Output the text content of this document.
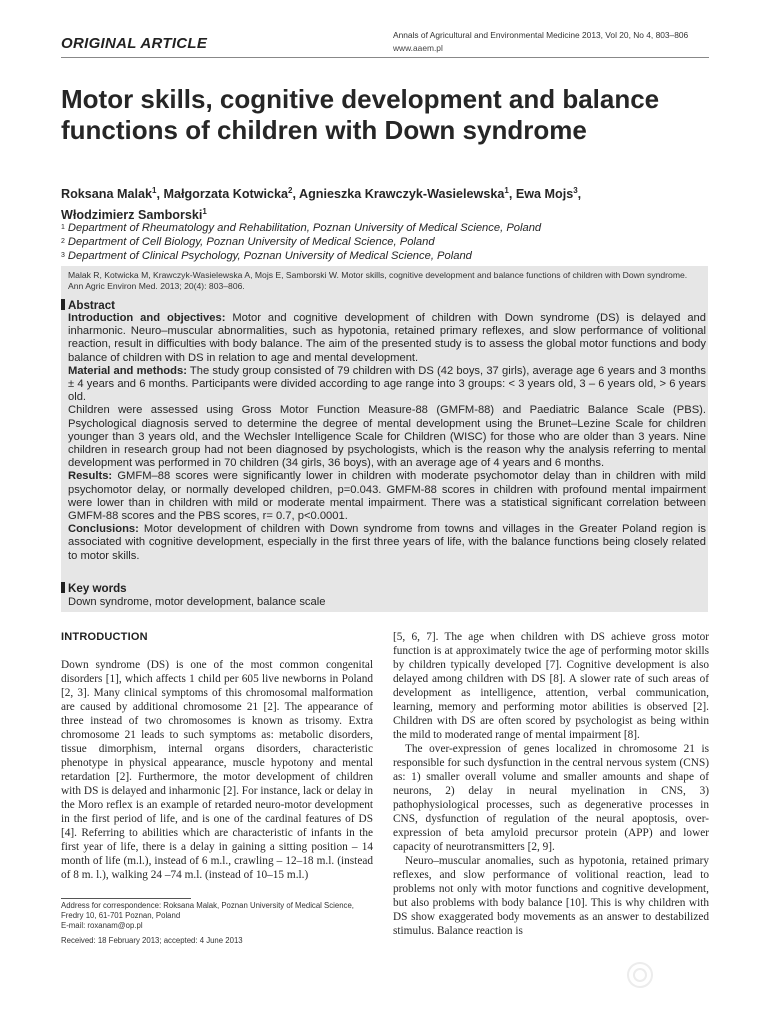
ORIGINAL ARTICLE	Annals of Agricultural and Environmental Medicine 2013, Vol 20, No 4, 803–806
www.aaem.pl
Motor skills, cognitive development and balance functions of children with Down syndrome
Roksana Malak$^1$, Małgorzata Kotwicka$^2$, Agnieszka Krawczyk-Wasielewska$^1$, Ewa Mojs$^3$,
Włodzimierz Samborski$^1$
$^1$ Department of Rheumatology and Rehabilitation, Poznan University of Medical Science, Poland
$^2$ Department of Cell Biology, Poznan University of Medical Science, Poland
$^3$ Department of Clinical Psychology, Poznan University of Medical Science, Poland
Malak R, Kotwicka M, Krawczyk-Wasielewska A, Mojs E, Samborski W. Motor skills, cognitive development and balance functions of children with Down syndrome. Ann Agric Environ Med. 2013; 20(4): 803–806.
Abstract

Introduction and objectives: Motor and cognitive development of children with Down syndrome (DS) is delayed and inharmonic. Neuro–muscular abnormalities, such as hypotonia, retained primary reflexes, and slow performance of volitional reaction, result in difficulties with body balance. The aim of the presented study is to assess the global motor functions and body balance of children with DS in relation to age and mental development.

Material and methods: The study group consisted of 79 children with DS (42 boys, 37 girls), average age 6 years and 3 months ± 4 years and 6 months. Participants were divided according to age range into 3 groups: < 3 years old, 3 – 6 years old, > 6 years old.

Children were assessed using Gross Motor Function Measure-88 (GMFM-88) and Paediatric Balance Scale (PBS). Psychological diagnosis served to determine the degree of mental development using the Brunet–Lezine Scale for children younger than 3 years old, and the Wechsler Intelligence Scale for Children (WISC) for those who are older than 3 years. Nine children in research group had not been diagnosed by psychologists, which is the reason why the analysis referring to mental development was performed in 70 children (34 girls, 36 boys), with an average age of 4 years and 6 months.

Results: GMFM–88 scores were significantly lower in children with moderate psychomotor delay than in children with mild psychomotor delay, or normally developed children, p=0.043. GMFM-88 scores in children with profound mental impairment were lower than in children with mild or moderate mental impairment. There was a statistical significant correlation between GMFM-88 scores and the PBS scores, r= 0.7, p<0.0001.

Conclusions: Motor development of children with Down syndrome from towns and villages in the Greater Poland region is associated with cognitive development, especially in the first three years of life, with the balance functions being closely related to motor skills.

Key words
Down syndrome, motor development, balance scale
INTRODUCTION

Down syndrome (DS) is one of the most common congenital disorders [1], which affects 1 child per 605 live newborns in Poland [2, 3]. Many clinical symptoms of this chromosomal malformation are caused by additional chromosome 21 [2]. The appearance of three instead of two chromosomes is known as trisomy. Extra chromosome 21 leads to such symptoms as: metabolic disorders, tissue dimorphism, internal organs disorders, characteristic phenotype in physical appearance, muscle hypotony and mental retardation [2]. Furthermore, the motor development of children with DS is delayed and inharmonic [2]. For instance, lack or delay in the Moro reflex is an example of retarded neuro-motor development in the first period of life, and is one of the cardinal features of DS [4]. Referring to abilities which are characteristic of infants in the first year of life, there is a delay in gaining a sitting position – 14 month of life (m.l.), instead of 6 m.l., crawling – 12–18 m.l. (instead of 8 m. l.), walking 24 –74 m.l. (instead of 10–15 m.l.)

[5, 6, 7]. The age when children with DS achieve gross motor function is at approximately twice the age of performing motor skills by children typically developed [7]. Cognitive development is also delayed among children with DS [8]. A slower rate of such areas of development as intelligence, attention, verbal communication, learning, memory and performing motor abilities is observed [2]. Children with DS are often scored by psychologist as being within the mild to moderated range of mental impairment [8].

The over-expression of genes localized in chromosome 21 is responsible for such dysfunction in the central nervous system (CNS) as: 1) smaller overall volume and smaller amounts and shape of neurons, 2) delay in neural myelination in CNS, 3) pathophysiological processes, such as degenerative processes in CNS, dysfunction of regulation of the neural apoptosis, over-expression of beta amyloid precursor protein (APP) and lower capacity of neurotransmitters [2, 9].

Neuro–muscular anomalies, such as hypotonia, retained primary reflexes, and slow performance of volitional reaction, lead to problems not only with motor functions and cognitive development, but also problems with body balance [10]. This is why children with DS show exaggerated body movements as an answer to destabilized stimulus. Balance reaction is

Address for correspondence: Roksana Malak, Poznan University of Medical Science,
Fredry 10, 61-701 Poznan, Poland
E-mail: roxanam@op.pl
Received: 18 February 2013; accepted: 4 June 2013
